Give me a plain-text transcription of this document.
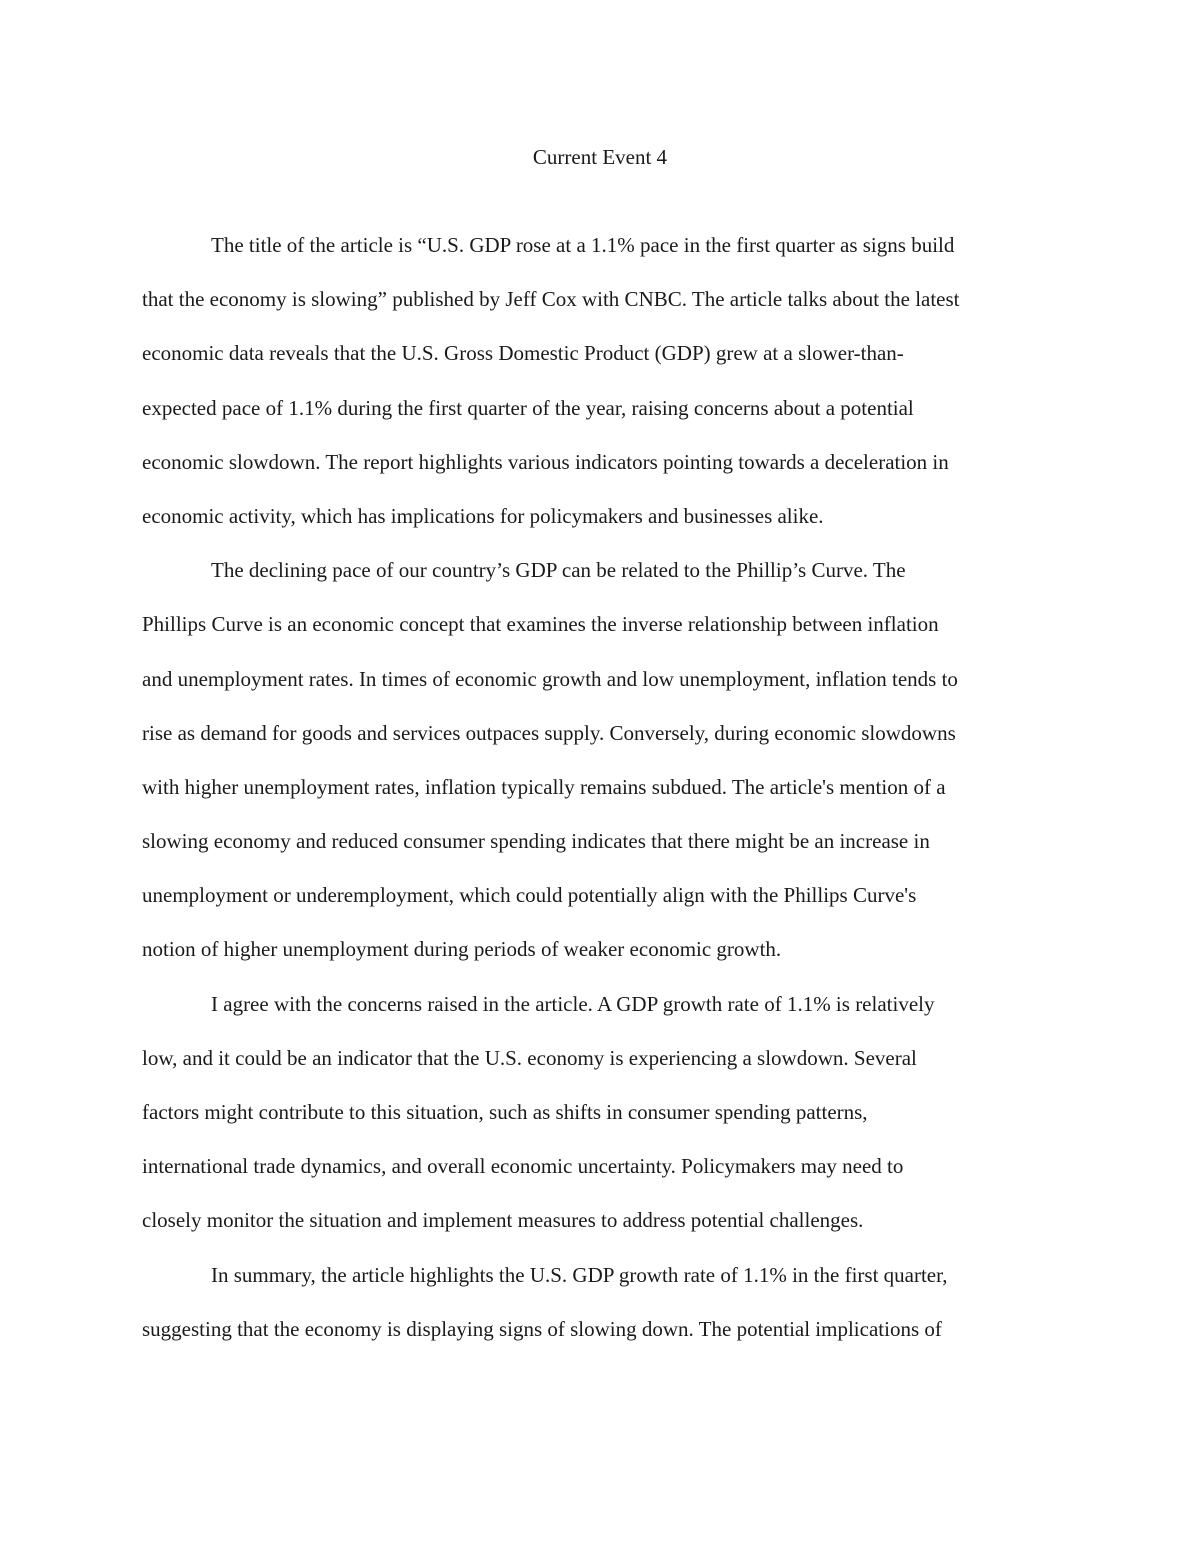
Current Event 4

The title of the article is “U.S. GDP rose at a 1.1% pace in the first quarter as signs build
that the economy is slowing” published by Jeff Cox with CNBC. The article talks about the latest
economic data reveals that the U.S. Gross Domestic Product (GDP) grew at a slower-than-
expected pace of 1.1% during the first quarter of the year, raising concerns about a potential
economic slowdown. The report highlights various indicators pointing towards a deceleration in
economic activity, which has implications for policymakers and businesses alike.

The declining pace of our country’s GDP can be related to the Phillip’s Curve. The
Phillips Curve is an economic concept that examines the inverse relationship between inflation
and unemployment rates. In times of economic growth and low unemployment, inflation tends to
rise as demand for goods and services outpaces supply. Conversely, during economic slowdowns
with higher unemployment rates, inflation typically remains subdued. The article's mention of a
slowing economy and reduced consumer spending indicates that there might be an increase in
unemployment or underemployment, which could potentially align with the Phillips Curve's
notion of higher unemployment during periods of weaker economic growth.

I agree with the concerns raised in the article. A GDP growth rate of 1.1% is relatively
low, and it could be an indicator that the U.S. economy is experiencing a slowdown. Several
factors might contribute to this situation, such as shifts in consumer spending patterns,
international trade dynamics, and overall economic uncertainty. Policymakers may need to
closely monitor the situation and implement measures to address potential challenges.

In summary, the article highlights the U.S. GDP growth rate of 1.1% in the first quarter,
suggesting that the economy is displaying signs of slowing down. The potential implications of
